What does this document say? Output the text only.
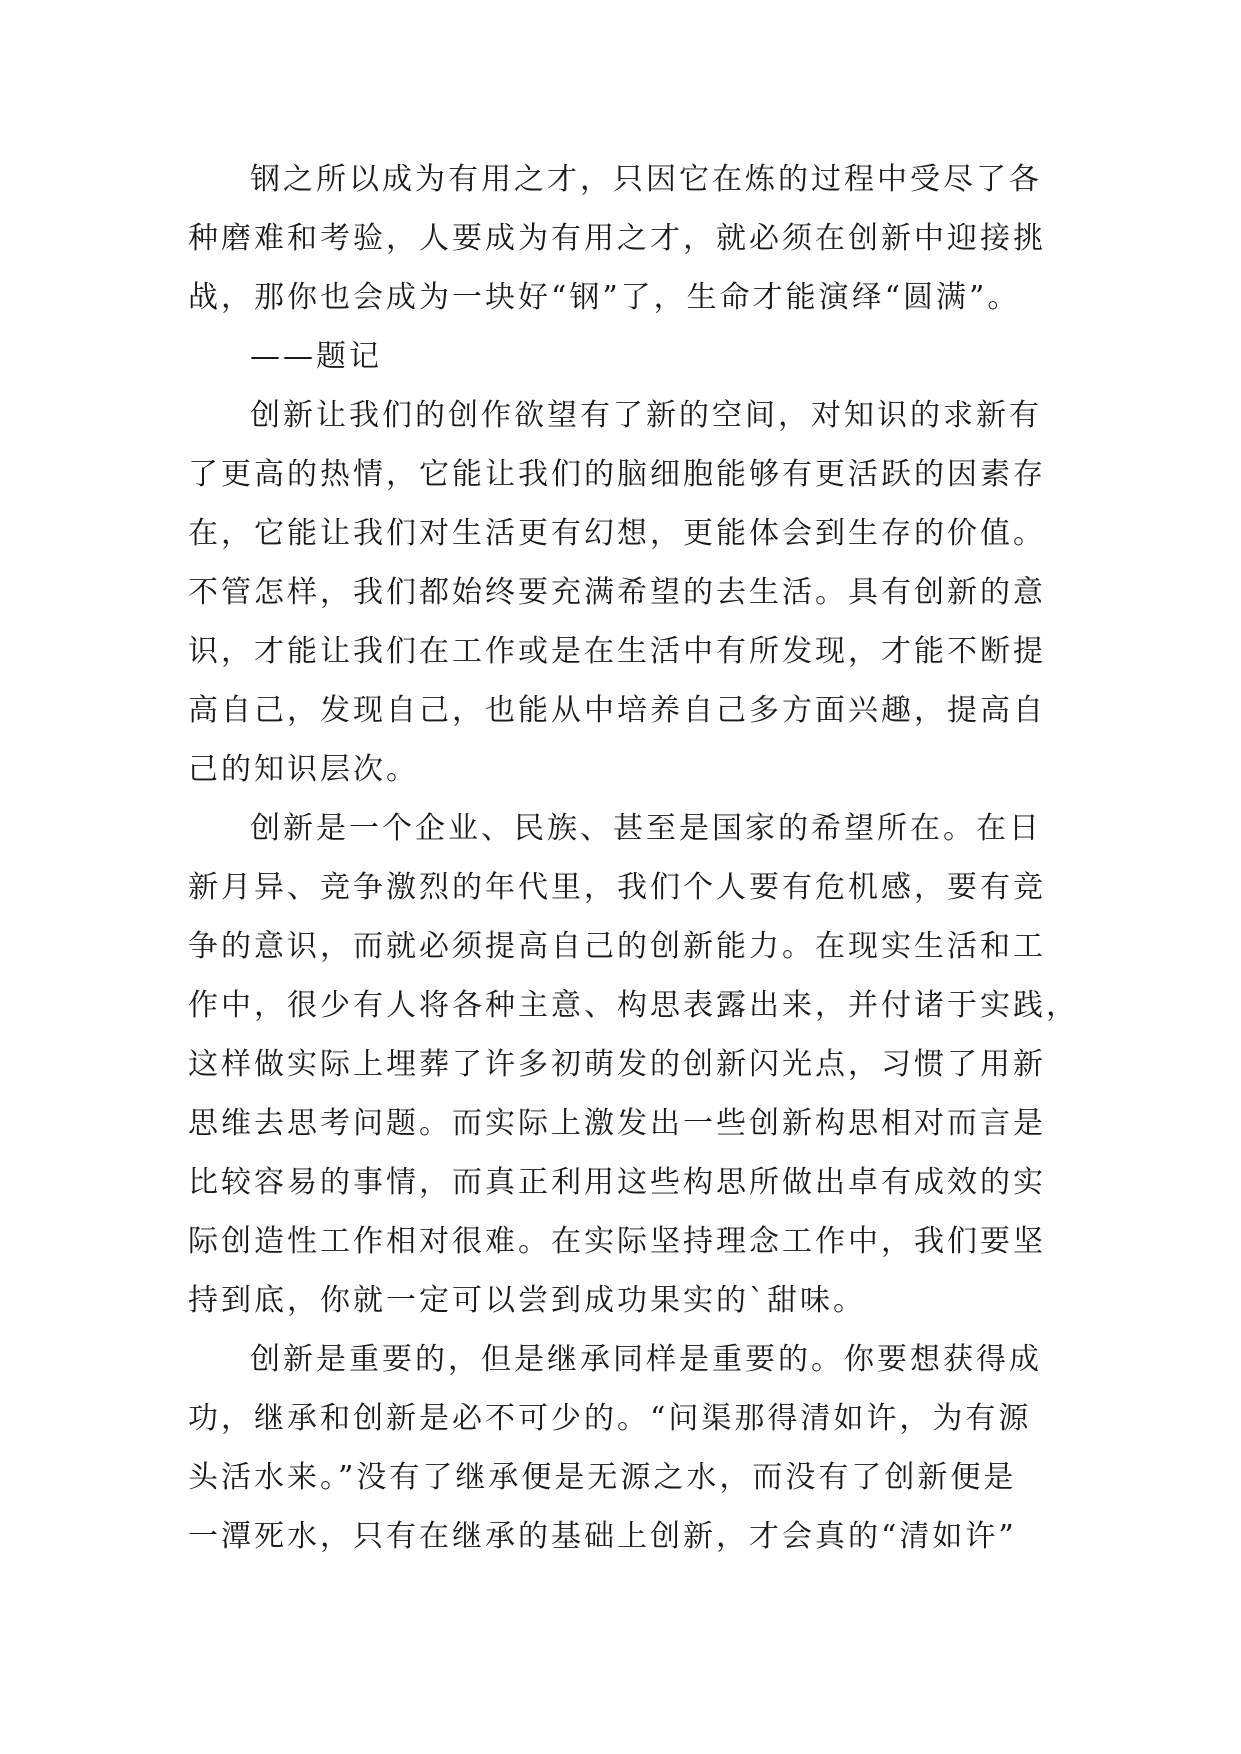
钢之所以成为有用之才，只因它在炼的过程中受尽了各
种磨难和考验，人要成为有用之才，就必须在创新中迎接挑
战，那你也会成为一块好“钢”了，生命才能演绎“圆满”。
——题记
创新让我们的创作欲望有了新的空间，对知识的求新有
了更高的热情，它能让我们的脑细胞能够有更活跃的因素存
在，它能让我们对生活更有幻想，更能体会到生存的价值。
不管怎样，我们都始终要充满希望的去生活。具有创新的意
识，才能让我们在工作或是在生活中有所发现，才能不断提
高自己，发现自己，也能从中培养自己多方面兴趣，提高自
己的知识层次。
创新是一个企业、民族、甚至是国家的希望所在。在日
新月异、竞争激烈的年代里，我们个人要有危机感，要有竞
争的意识，而就必须提高自己的创新能力。在现实生活和工
作中，很少有人将各种主意、构思表露出来，并付诸于实践，
这样做实际上埋葬了许多初萌发的创新闪光点，习惯了用新
思维去思考问题。而实际上激发出一些创新构思相对而言是
比较容易的事情，而真正利用这些构思所做出卓有成效的实
际创造性工作相对很难。在实际坚持理念工作中，我们要坚
持到底，你就一定可以尝到成功果实的`甜味。
创新是重要的，但是继承同样是重要的。你要想获得成
功，继承和创新是必不可少的。“问渠那得清如许，为有源
头活水来。”没有了继承便是无源之水，而没有了创新便是
一潭死水，只有在继承的基础上创新，才会真的“清如许”
